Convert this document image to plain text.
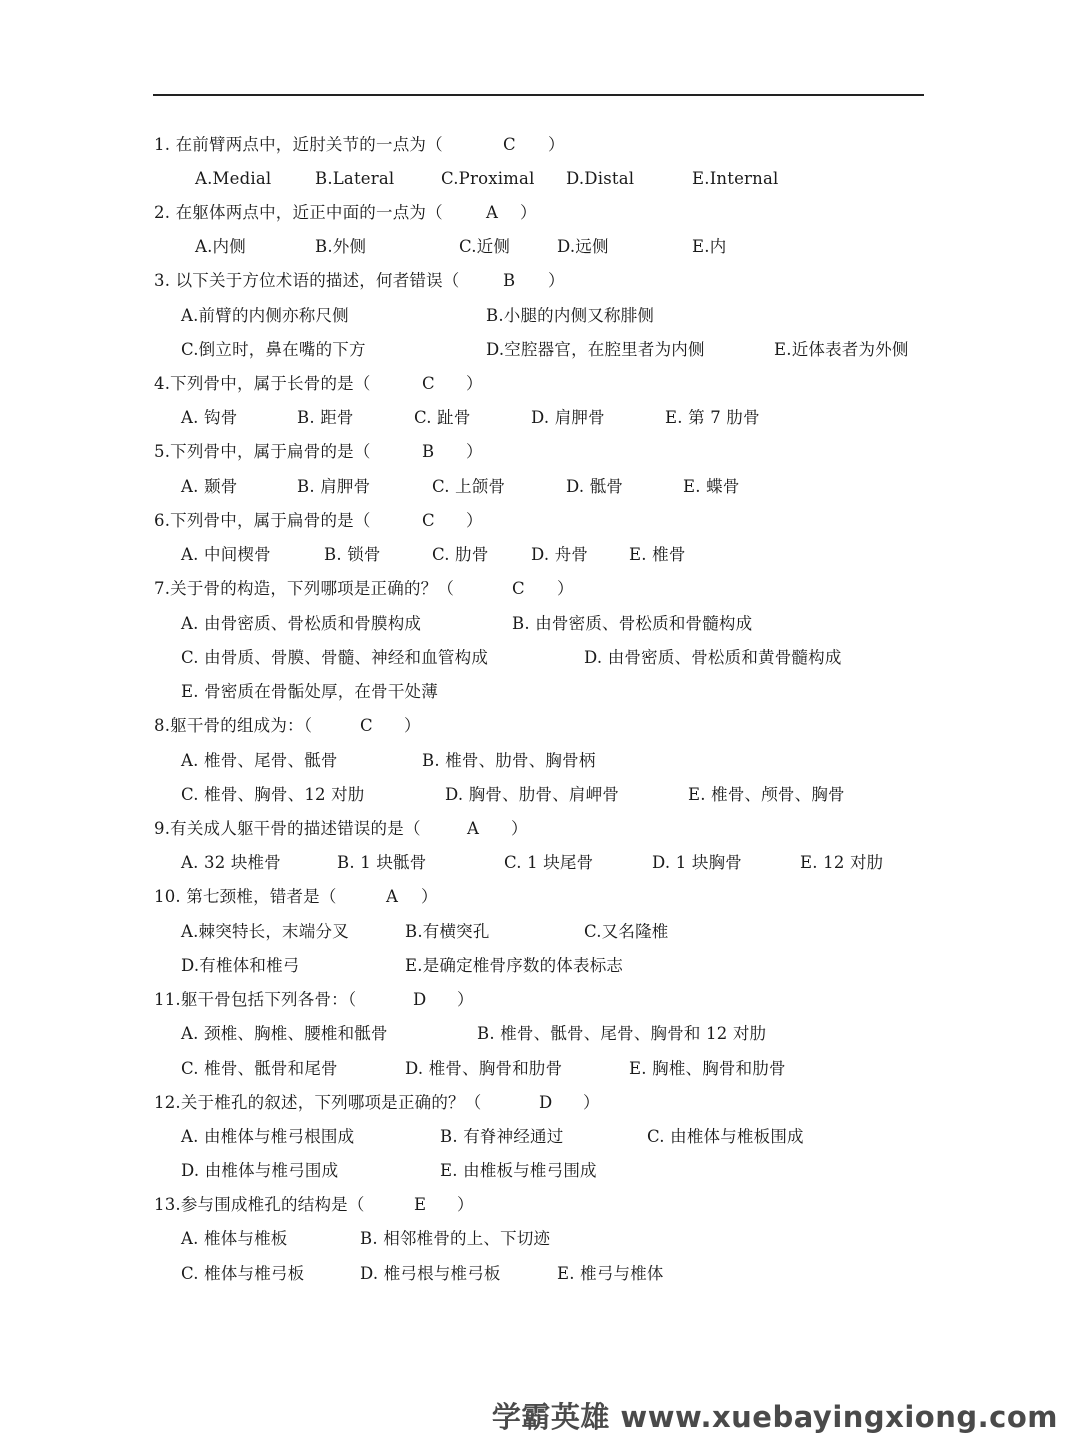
1. 在前臂两点中，近肘关节的一点为（	C ）
A.Medial	B.Lateral	C.Proximal D.Distal	E.Internal
2. 在躯体两点中，近正中面的一点为（	A ）
A.内侧	B.外侧	C.近侧	D.远侧	E.内
3. 以下关于方位术语的描述，何者错误（	B ）
A.前臂的内侧亦称尺侧	B.小腿的内侧又称腓侧
C.倒立时，鼻在嘴的下方	D.空腔器官，在腔里者为内侧	E.近体表者为外侧
4.下列骨中，属于长骨的是（	C ）
A. 钩骨	B. 距骨	C. 趾骨	D. 肩胛骨	E. 第 7 肋骨
5.下列骨中，属于扁骨的是（	B ）
A. 颞骨	B. 肩胛骨	C. 上颌骨	D. 骶骨	E. 蝶骨
6.下列骨中，属于扁骨的是（	C ）
A. 中间楔骨	B. 锁骨	C. 肋骨	D. 舟骨 E. 椎骨
7.关于骨的构造，下列哪项是正确的？（	C ）
A. 由骨密质、骨松质和骨膜构成	B. 由骨密质、骨松质和骨髓构成
C. 由骨质、骨膜、骨髓、神经和血管构成	D. 由骨密质、骨松质和黄骨髓构成
E. 骨密质在骨骺处厚，在骨干处薄
8.躯干骨的组成为：（	C ）
A. 椎骨、尾骨、骶骨	B. 椎骨、肋骨、胸骨柄
C. 椎骨、胸骨、12 对肋	D. 胸骨、肋骨、肩岬骨	E. 椎骨、颅骨、胸骨
9.有关成人躯干骨的描述错误的是（	A ）
A. 32 块椎骨	B. 1 块骶骨	C. 1 块尾骨	D. 1 块胸骨	E. 12 对肋
10. 第七颈椎，错者是（	A ）
A.棘突特长，末端分叉	B.有横突孔	C.又名隆椎
D.有椎体和椎弓	E.是确定椎骨序数的体表标志
11.躯干骨包括下列各骨：（	D ）
A. 颈椎、胸椎、腰椎和骶骨	B. 椎骨、骶骨、尾骨、胸骨和 12 对肋
C. 椎骨、骶骨和尾骨	D. 椎骨、胸骨和肋骨	E. 胸椎、胸骨和肋骨
12.关于椎孔的叙述，下列哪项是正确的？（	D ）
A. 由椎体与椎弓根围成	B. 有脊神经通过	C. 由椎体与椎板围成
D. 由椎体与椎弓围成	E. 由椎板与椎弓围成
13.参与围成椎孔的结构是（	E ）
A. 椎体与椎板	B. 相邻椎骨的上、下切迹
C. 椎体与椎弓板	D. 椎弓根与椎弓板	E. 椎弓与椎体
学霸英雄 www.xuebayingxiong.com
